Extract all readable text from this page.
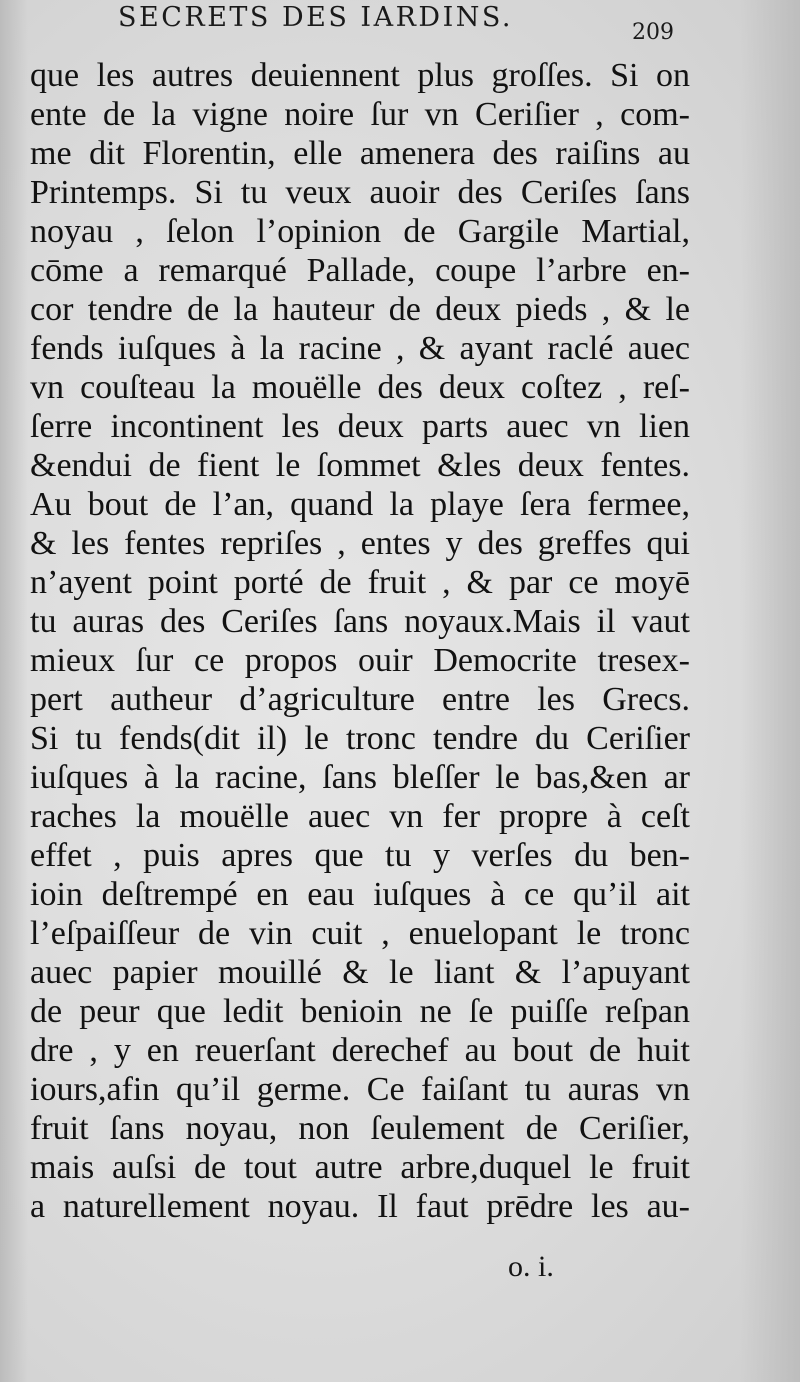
SECRETS DES IARDINS.	209
que les autres deuiennent plus groſſes. Si on
ente de la vigne noire ſur vn Ceriſier , com-
me dit Florentin, elle amenera des raiſins au
Printemps. Si tu veux auoir des Ceriſes ſans
noyau , ſelon l’opinion de Gargile Martial,
cōme a remarqué Pallade, coupe l’arbre en-
cor tendre de la hauteur de deux pieds , & le
fends iuſques à la racine , & ayant raclé auec
vn couſteau la mouëlle des deux coſtez , reſ-
ſerre incontinent les deux parts auec vn lien
&endui de fient le ſommet &les deux fentes.
Au bout de l’an, quand la playe ſera fermee,
& les fentes repriſes , entes y des greffes qui
n’ayent point porté de fruit , & par ce moyē
tu auras des Ceriſes ſans noyaux.Mais il vaut
mieux ſur ce propos ouir Democrite tresex-
pert autheur d’agriculture entre les Grecs.
Si tu fends(dit il) le tronc tendre du Ceriſier
iuſques à la racine, ſans bleſſer le bas,&en ar
raches la mouëlle auec vn fer propre à ceſt
effet , puis apres que tu y verſes du ben-
ioin deſtrempé en eau iuſques à ce qu’il ait
l’eſpaiſſeur de vin cuit , enuelopant le tronc
auec papier mouillé & le liant & l’apuyant
de peur que ledit benioin ne ſe puiſſe reſpan
dre , y en reuerſant derechef au bout de huit
iours,afin qu’il germe. Ce faiſant tu auras vn
fruit ſans noyau, non ſeulement de Ceriſier,
mais auſsi de tout autre arbre,duquel le fruit
a naturellement noyau. Il faut prēdre les au-
o. i.
